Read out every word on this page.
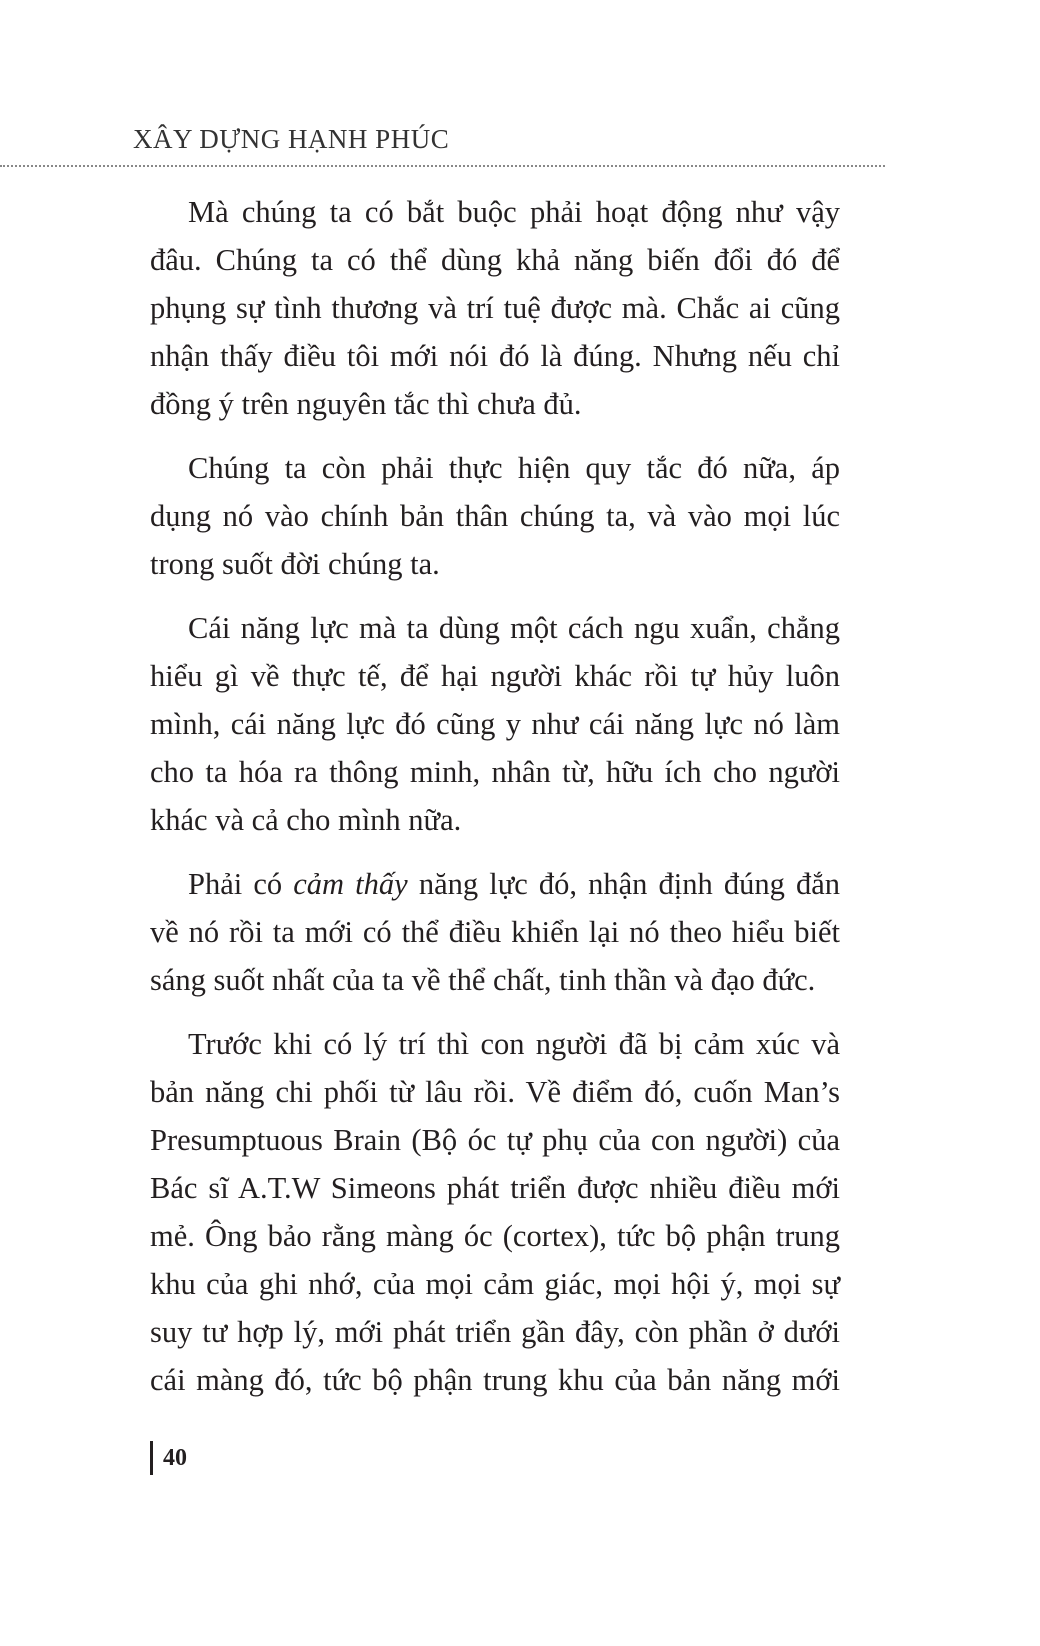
XÂY DỰNG HẠNH PHÚC
Mà chúng ta có bắt buộc phải hoạt động như vậy
đâu. Chúng ta có thể dùng khả năng biến đổi đó để
phụng sự tình thương và trí tuệ được mà. Chắc ai cũng
nhận thấy điều tôi mới nói đó là đúng. Nhưng nếu chỉ
đồng ý trên nguyên tắc thì chưa đủ.
Chúng ta còn phải thực hiện quy tắc đó nữa, áp
dụng nó vào chính bản thân chúng ta, và vào mọi lúc
trong suốt đời chúng ta.
Cái năng lực mà ta dùng một cách ngu xuẩn, chẳng
hiểu gì về thực tế, để hại người khác rồi tự hủy luôn
mình, cái năng lực đó cũng y như cái năng lực nó làm
cho ta hóa ra thông minh, nhân từ, hữu ích cho người
khác và cả cho mình nữa.
Phải có cảm thấy năng lực đó, nhận định đúng đắn
về nó rồi ta mới có thể điều khiển lại nó theo hiểu biết
sáng suốt nhất của ta về thể chất, tinh thần và đạo đức.
Trước khi có lý trí thì con người đã bị cảm xúc và
bản năng chi phối từ lâu rồi. Về điểm đó, cuốn Man’s
Presumptuous Brain (Bộ óc tự phụ của con người) của
Bác sĩ A.T.W Simeons phát triển được nhiều điều mới
mẻ. Ông bảo rằng màng óc (cortex), tức bộ phận trung
khu của ghi nhớ, của mọi cảm giác, mọi hội ý, mọi sự
suy tư hợp lý, mới phát triển gần đây, còn phần ở dưới
cái màng đó, tức bộ phận trung khu của bản năng mới
40
